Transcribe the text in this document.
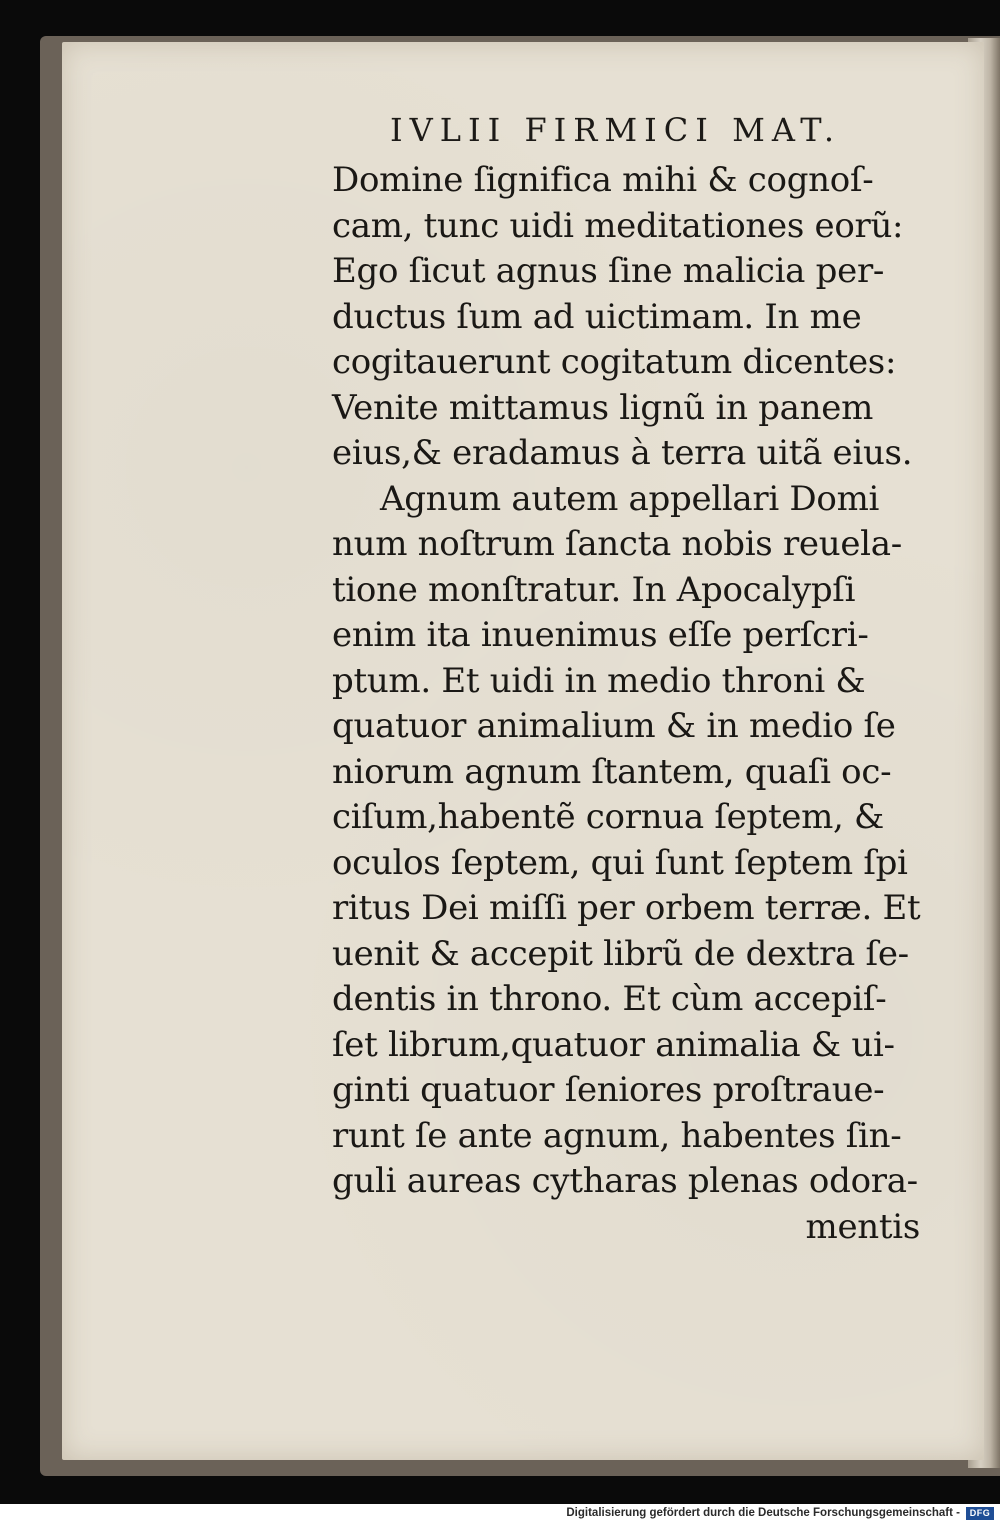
IVLII FIRMICI MAT.
Domine ſignifica mihi & cognoſ-
cam, tunc uidi meditationes eorũ:
Ego ſicut agnus ſine malicia per-
ductus ſum ad uictimam. In me
cogitauerunt cogitatum dicentes:
Venite mittamus lignũ in panem
eius,& eradamus à terra uitã eius.
Agnum autem appellari Domi
num noſtrum ſancta nobis reuela-
tione monſtratur. In Apocalypſi
enim ita inuenimus eſſe perſcri-
ptum. Et uidi in medio throni &
quatuor animalium & in medio ſe
niorum agnum ſtantem, quaſi oc-
ciſum,habentẽ cornua ſeptem, &
oculos ſeptem, qui ſunt ſeptem ſpi
ritus Dei miſſi per orbem terræ. Et
uenit & accepit librũ de dextra ſe-
dentis in throno. Et cùm accepiſ-
ſet librum,quatuor animalia & ui-
ginti quatuor ſeniores proſtraue-
runt ſe ante agnum, habentes ſin-
guli aureas cytharas plenas odora-
mentis
Digitalisierung gefördert durch die Deutsche Forschungsgemeinschaft -	DFG
